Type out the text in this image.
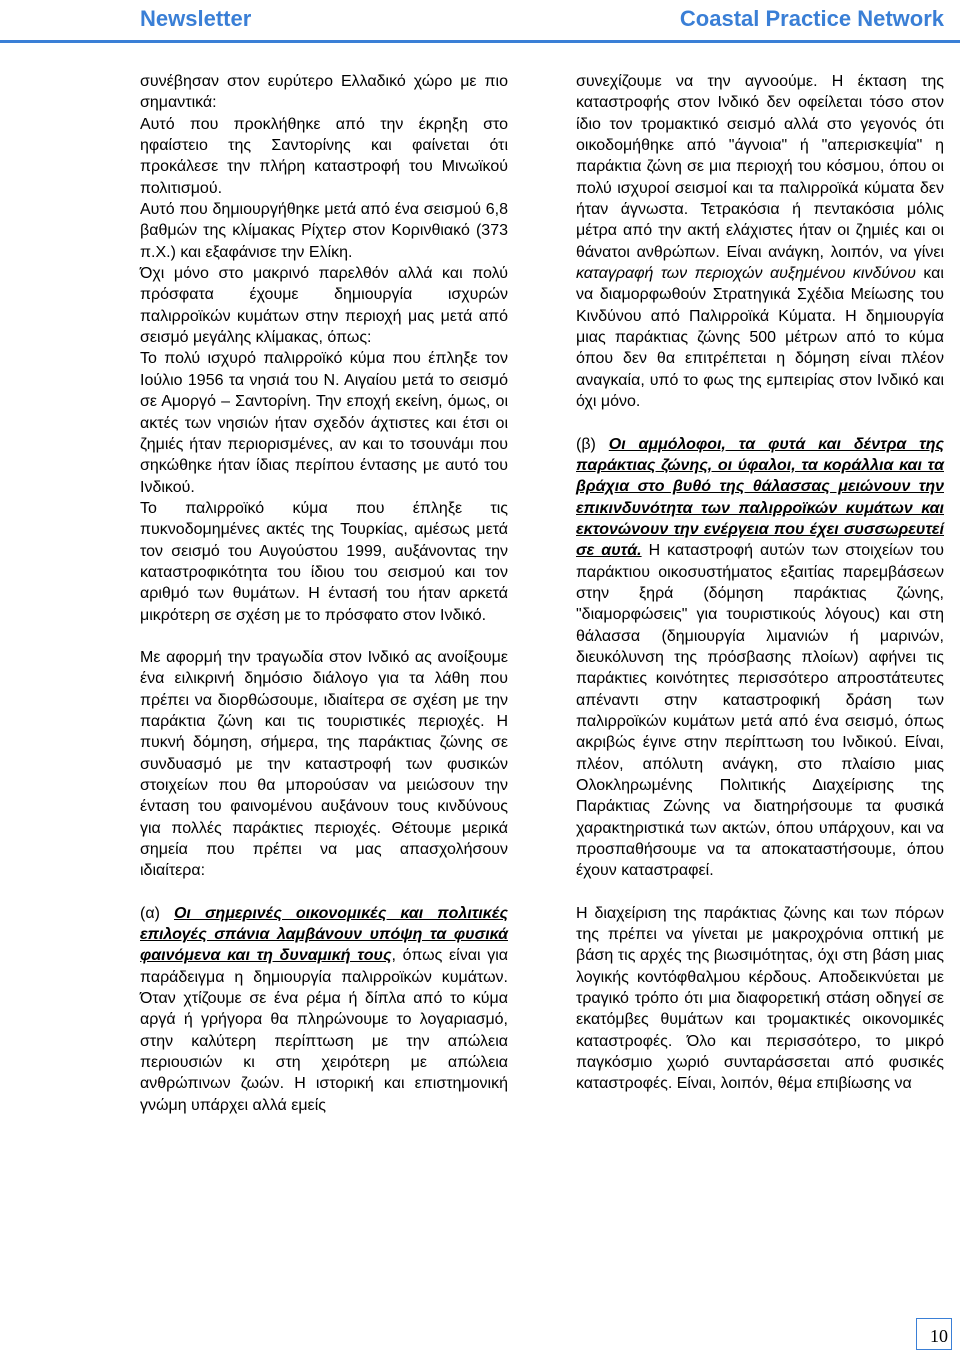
Newsletter	Coastal Practice Network

συνέβησαν στον ευρύτερο Ελλαδικό χώρο με πιο σημαντικά:

Αυτό που προκλήθηκε από την έκρηξη στο ηφαίστειο της Σαντορίνης και φαίνεται ότι προκάλεσε την πλήρη καταστροφή του Μινωϊκού πολιτισμού.

Αυτό που δημιουργήθηκε μετά από ένα σεισμού 6,8 βαθμών της κλίμακας Ρίχτερ στον Κορινθιακό (373 π.Χ.) και εξαφάνισε την Ελίκη.

Όχι μόνο στο μακρινό παρελθόν αλλά και πολύ πρόσφατα έχουμε δημιουργία ισχυρών παλιρροϊκών κυμάτων στην περιοχή μας μετά από σεισμό μεγάλης κλίμακας, όπως:

Το πολύ ισχυρό παλιρροϊκό κύμα που έπληξε τον Ιούλιο 1956 τα νησιά του Ν. Αιγαίου μετά το σεισμό σε Αμοργό – Σαντορίνη. Την εποχή εκείνη, όμως, οι ακτές των νησιών ήταν σχεδόν άχτιστες και έτσι οι ζημιές ήταν περιορισμένες, αν και το τσουνάμι που σηκώθηκε ήταν ίδιας περίπου έντασης με αυτό του Ινδικού.

Το παλιρροϊκό κύμα που έπληξε τις πυκνοδομημένες ακτές της Τουρκίας, αμέσως μετά τον σεισμό του Αυγούστου 1999, αυξάνοντας την καταστροφικότητα του ίδιου του σεισμού και τον αριθμό των θυμάτων. Η έντασή του ήταν αρκετά μικρότερη σε σχέση με το πρόσφατο στον Ινδικό.

Με αφορμή την τραγωδία στον Ινδικό ας ανοίξουμε ένα ειλικρινή δημόσιο διάλογο για τα λάθη που πρέπει να διορθώσουμε, ιδιαίτερα σε σχέση με την παράκτια ζώνη και τις τουριστικές περιοχές. Η πυκνή δόμηση, σήμερα, της παράκτιας ζώνης σε συνδυασμό με την καταστροφή των φυσικών στοιχείων που θα μπορούσαν να μειώσουν την ένταση του φαινομένου αυξάνουν τους κινδύνους για πολλές παράκτιες περιοχές. Θέτουμε μερικά σημεία που πρέπει να μας απασχολήσουν ιδιαίτερα:

(α) Οι σημερινές οικονομικές και πολιτικές επιλογές σπάνια λαμβάνουν υπόψη τα φυσικά φαινόμενα και τη δυναμική τους, όπως είναι για παράδειγμα η δημιουργία παλιρροϊκών κυμάτων. Όταν χτίζουμε σε ένα ρέμα ή δίπλα από το κύμα αργά ή γρήγορα θα πληρώνουμε το λογαριασμό, στην καλύτερη περίπτωση με την απώλεια περιουσιών κι στη χειρότερη με απώλεια ανθρώπινων ζωών. Η ιστορική και επιστημονική γνώμη υπάρχει αλλά εμείς

συνεχίζουμε να την αγνοούμε. Η έκταση της καταστροφής στον Ινδικό δεν οφείλεται τόσο στον ίδιο τον τρομακτικό σεισμό αλλά στο γεγονός ότι οικοδομήθηκε από "άγνοια" ή "απερισκεψία" η παράκτια ζώνη σε μια περιοχή του κόσμου, όπου οι πολύ ισχυροί σεισμοί και τα παλιρροϊκά κύματα δεν ήταν άγνωστα. Τετρακόσια ή πεντακόσια μόλις μέτρα από την ακτή ελάχιστες ήταν οι ζημιές και οι θάνατοι ανθρώπων. Είναι ανάγκη, λοιπόν, να γίνει καταγραφή των περιοχών αυξημένου κινδύνου και να διαμορφωθούν Στρατηγικά Σχέδια Μείωσης του Κινδύνου από Παλιρροϊκά Κύματα. Η δημιουργία μιας παράκτιας ζώνης 500 μέτρων από το κύμα όπου δεν θα επιτρέπεται η δόμηση είναι πλέον αναγκαία, υπό το φως της εμπειρίας στον Ινδικό και όχι μόνο.

(β) Οι αμμόλοφοι, τα φυτά και δέντρα της παράκτιας ζώνης, οι ύφαλοι, τα κοράλλια και τα βράχια στο βυθό της θάλασσας μειώνουν την επικινδυνότητα των παλιρροϊκών κυμάτων και εκτονώνουν την ενέργεια που έχει συσσωρευτεί σε αυτά. Η καταστροφή αυτών των στοιχείων του παράκτιου οικοσυστήματος εξαιτίας παρεμβάσεων στην ξηρά (δόμηση παράκτιας ζώνης, "διαμορφώσεις" για τουριστικούς λόγους) και στη θάλασσα (δημιουργία λιμανιών ή μαρινών, διευκόλυνση της πρόσβασης πλοίων) αφήνει τις παράκτιες κοινότητες περισσότερο απροστάτευτες απέναντι στην καταστροφική δράση των παλιρροϊκών κυμάτων μετά από ένα σεισμό, όπως ακριβώς έγινε στην περίπτωση του Ινδικού. Είναι, πλέον, απόλυτη ανάγκη, στο πλαίσιο μιας Ολοκληρωμένης Πολιτικής Διαχείρισης της Παράκτιας Ζώνης να διατηρήσουμε τα φυσικά χαρακτηριστικά των ακτών, όπου υπάρχουν, και να προσπαθήσουμε να τα αποκαταστήσουμε, όπου έχουν καταστραφεί.

Η διαχείριση της παράκτιας ζώνης και των πόρων της πρέπει να γίνεται με μακροχρόνια οπτική με βάση τις αρχές της βιωσιμότητας, όχι στη βάση μιας λογικής κοντόφθαλμου κέρδους. Αποδεικνύεται με τραγικό τρόπο ότι μια διαφορετική στάση οδηγεί σε εκατόμβες θυμάτων και τρομακτικές οικονομικές καταστροφές. Όλο και περισσότερο, το μικρό παγκόσμιο χωριό συνταράσσεται από φυσικές καταστροφές. Είναι, λοιπόν, θέμα επιβίωσης να

10
